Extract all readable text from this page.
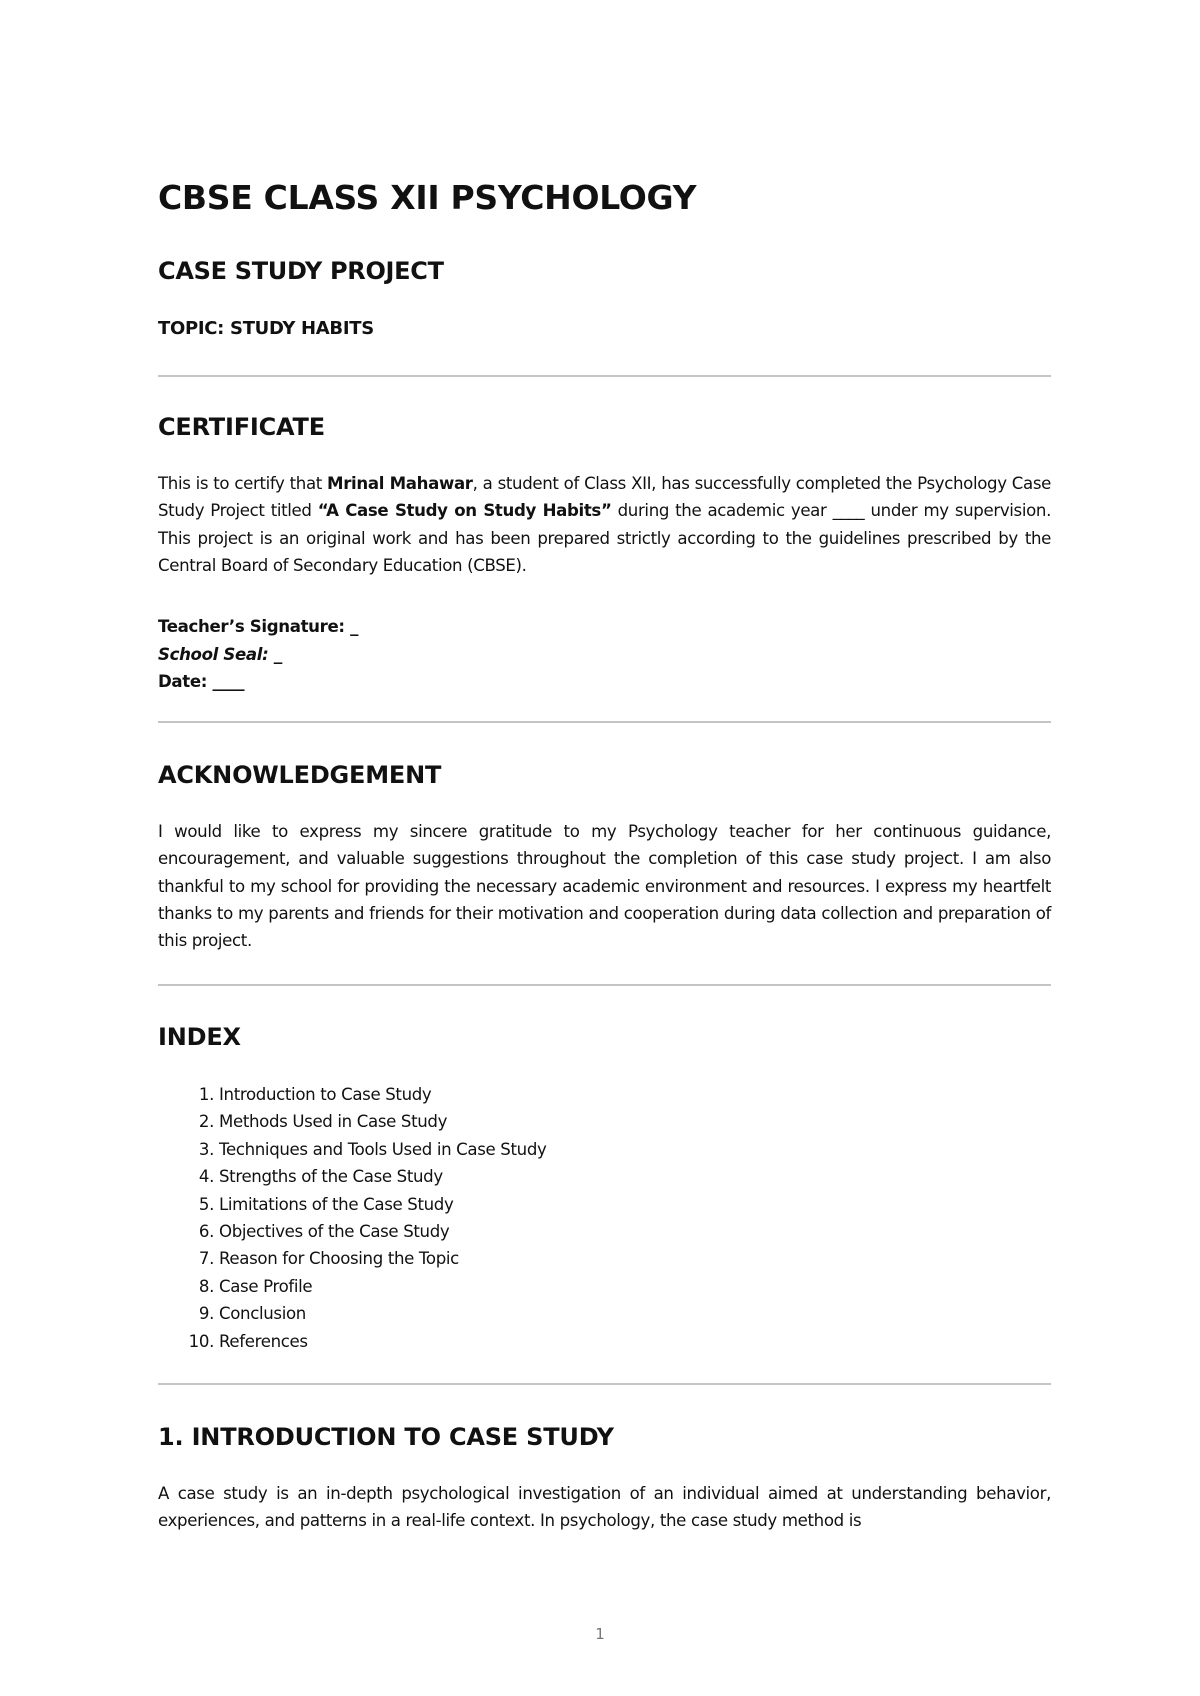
CBSE CLASS XII PSYCHOLOGY
CASE STUDY PROJECT
TOPIC: STUDY HABITS
CERTIFICATE

This is to certify that Mrinal Mahawar, a student of Class XII, has successfully completed the Psychology Case Study Project titled “A Case Study on Study Habits” during the academic year ____ under my supervision. This project is an original work and has been prepared strictly according to the guidelines prescribed by the Central Board of Secondary Education (CBSE).

Teacher’s Signature: _
School Seal: _
Date: ____
ACKNOWLEDGEMENT

I would like to express my sincere gratitude to my Psychology teacher for her continuous guidance, encouragement, and valuable suggestions throughout the completion of this case study project. I am also thankful to my school for providing the necessary academic environment and resources. I express my heartfelt thanks to my parents and friends for their motivation and cooperation during data collection and preparation of this project.

INDEX
1. Introduction to Case Study
2. Methods Used in Case Study
3. Techniques and Tools Used in Case Study
4. Strengths of the Case Study
5. Limitations of the Case Study
6. Objectives of the Case Study
7. Reason for Choosing the Topic
8. Case Profile
9. Conclusion
10. References
1. INTRODUCTION TO CASE STUDY

A case study is an in-depth psychological investigation of an individual aimed at understanding behavior, experiences, and patterns in a real-life context. In psychology, the case study method is

1
